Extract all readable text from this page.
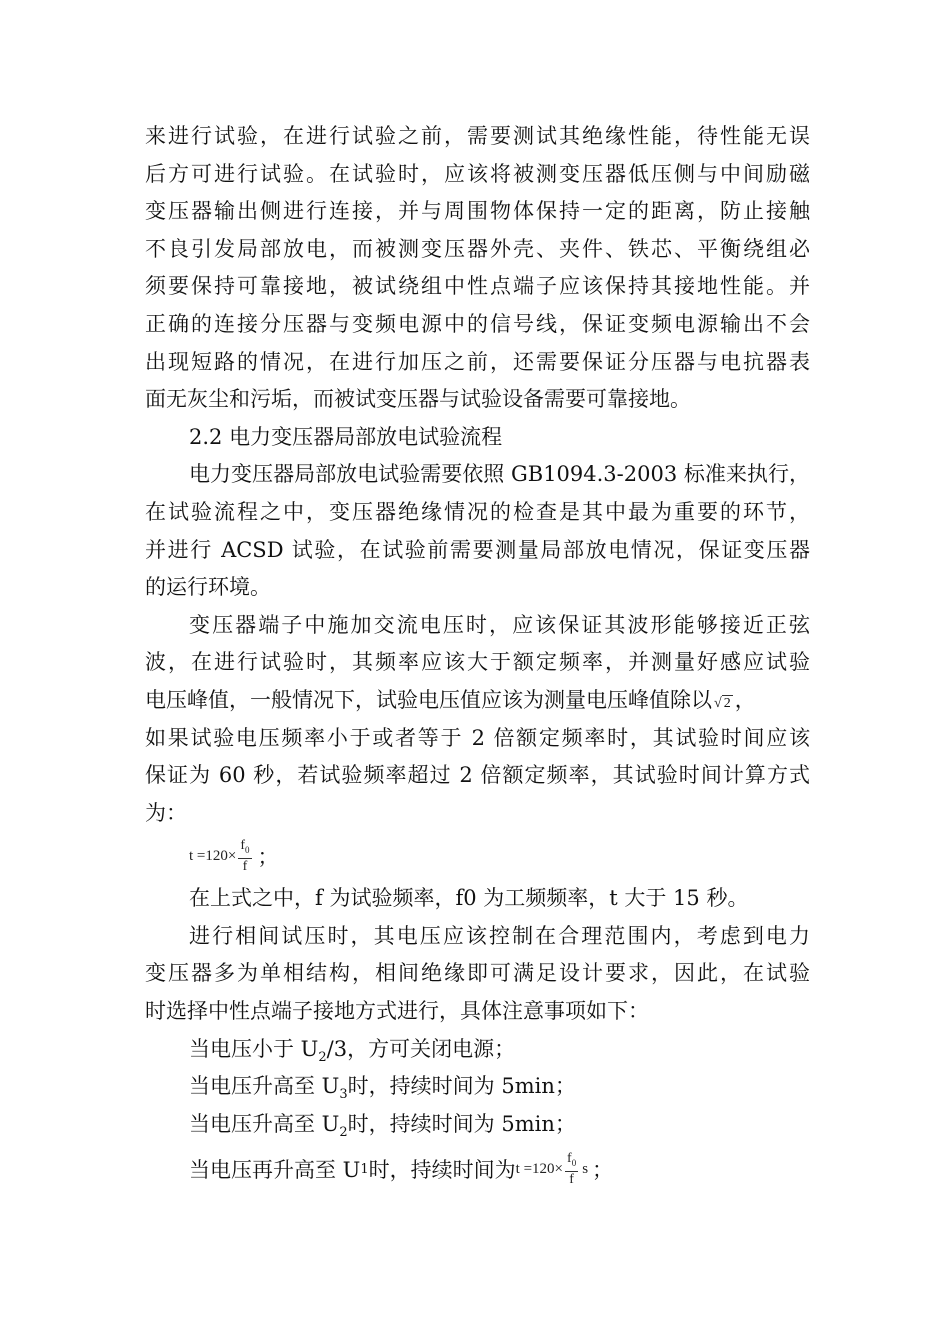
来进行试验，在进行试验之前，需要测试其绝缘性能，待性能无误
后方可进行试验。在试验时，应该将被测变压器低压侧与中间励磁
变压器输出侧进行连接，并与周围物体保持一定的距离，防止接触
不良引发局部放电，而被测变压器外壳、夹件、铁芯、平衡绕组必
须要保持可靠接地，被试绕组中性点端子应该保持其接地性能。并
正确的连接分压器与变频电源中的信号线，保证变频电源输出不会
出现短路的情况，在进行加压之前，还需要保证分压器与电抗器表
面无灰尘和污垢，而被试变压器与试验设备需要可靠接地。
2.2 电力变压器局部放电试验流程
电力变压器局部放电试验需要依照 GB1094.3-2003 标准来执行，
在试验流程之中，变压器绝缘情况的检查是其中最为重要的环节，
并进行 ACSD 试验，在试验前需要测量局部放电情况，保证变压器
的运行环境。
变压器端子中施加交流电压时，应该保证其波形能够接近正弦
波，在进行试验时，其频率应该大于额定频率，并测量好感应试验
电压峰值，一般情况下，试验电压值应该为测量电压峰值除以 √ 2 ，
如果试验电压频率小于或者等于 2 倍额定频率时，其试验时间应该
保证为 60 秒，若试验频率超过 2 倍额定频率，其试验时间计算方式
为：
$t =120 \times \frac{f_0}{f}$ ；
在上式之中，f 为试验频率，f0 为工频频率，t 大于 15 秒。
进行相间试压时，其电压应该控制在合理范围内，考虑到电力
变压器多为单相结构，相间绝缘即可满足设计要求，因此，在试验
时选择中性点端子接地方式进行，具体注意事项如下：
当电压小于 $U_2/3$，方可关闭电源；
当电压升高至 $U_3$时，持续时间为 5min；
当电压升高至 $U_2$时，持续时间为 5min；
当电压再升高至 U 1 时，持续时间为 $t =120 \times \frac{f_0}{f}$ s ；
